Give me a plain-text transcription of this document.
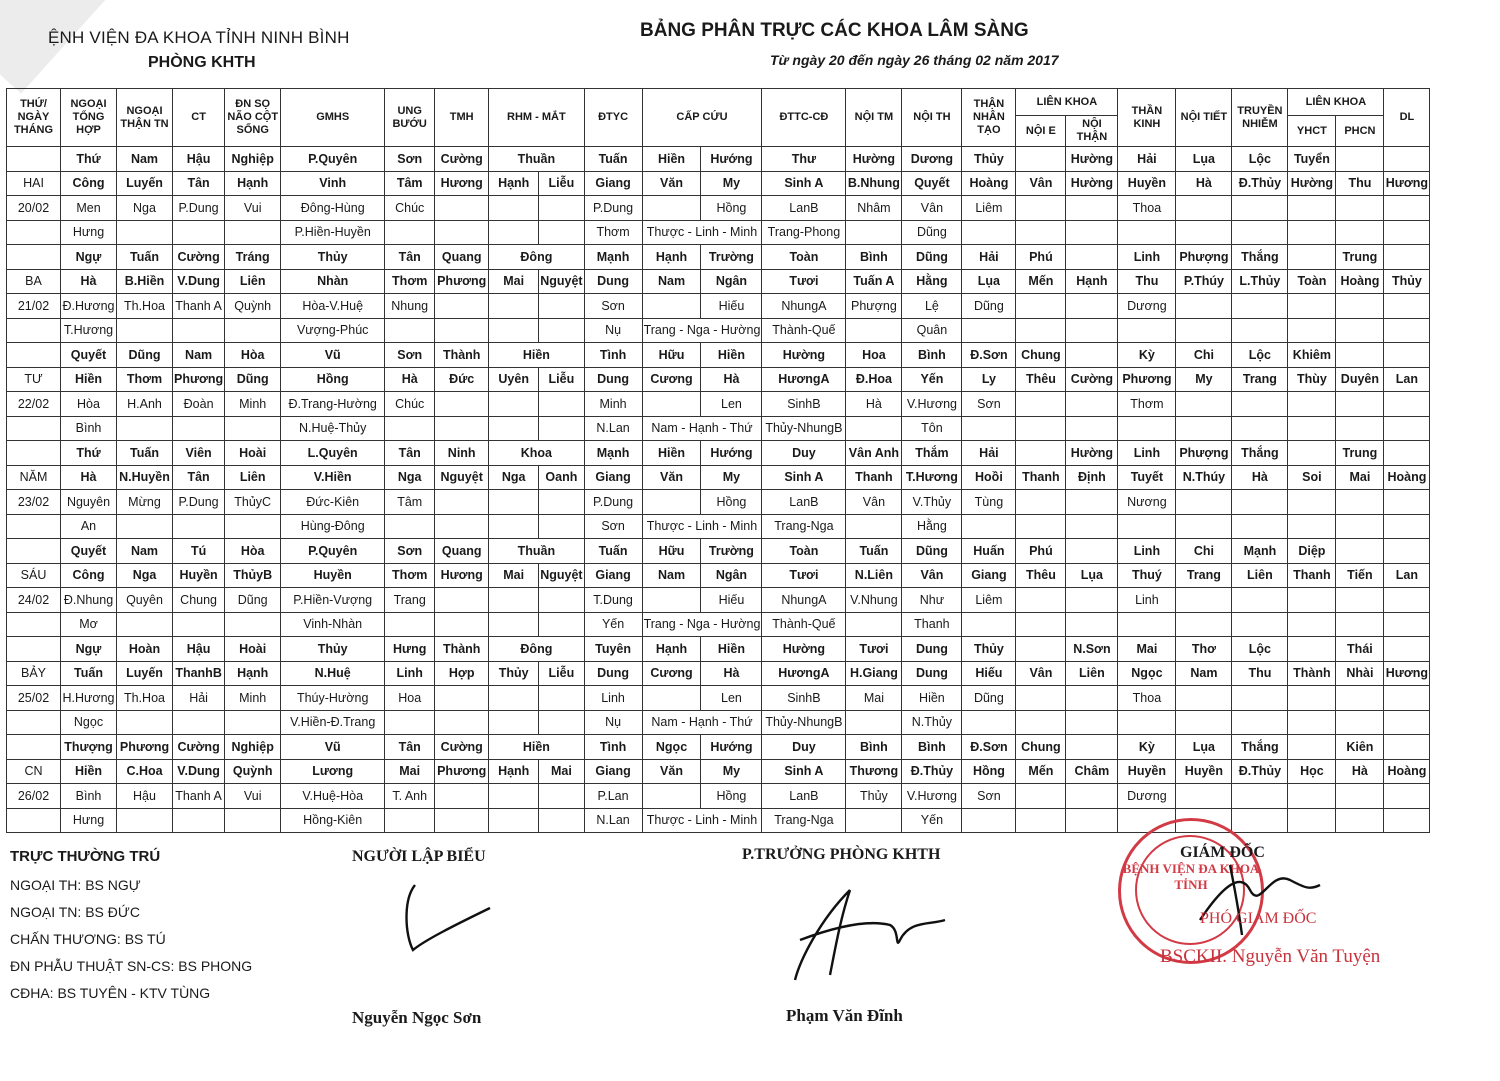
ỆNH VIỆN ĐA KHOA TỈNH NINH BÌNH
PHÒNG KHTH
BẢNG PHÂN TRỰC CÁC KHOA LÂM SÀNG
Từ ngày 20 đến ngày 26 tháng 02 năm 2017
THỨ/ NGÀY THÁNG	NGOẠI TỔNG HỢP	NGOẠI THẬN TN	CT	ĐN SỌ NÃO CỘT SỐNG	GMHS	UNG BƯỚU	TMH	RHM - MẮT		ĐTYC	CẤP CỨU		ĐTTC-CĐ	NỘI TM	NỘI TH	THẬN NHÂN TẠO	LIÊN KHOA		THẦN KINH	NỘI TIẾT	TRUYỀN NHIỄM	LIÊN KHOA		DL
																	NỘI E	NỘI THẬN				YHCT	PHCN	
	Thứ	Nam	Hậu	Nghiệp	P.Quyên	Sơn	Cường	Thuần		Tuấn	Hiền	Hướng	Thư	Hường	Dương	Thủy		Hường	Hải	Lụa	Lộc	Tuyển		
HAI	Công	Luyến	Tân	Hạnh	Vinh	Tâm	Hương	Hạnh	Liễu	Giang	Văn	My	Sinh A	B.Nhung	Quyết	Hoàng	Vân	Hường	Huyền	Hà	Đ.Thủy	Hường	Thu	Hương
20/02	Men	Nga	P.Dung	Vui	Đông-Hùng	Chúc				P.Dung		Hồng	LanB	Nhâm	Vân	Liêm			Thoa					
	Hưng				P.Hiền-Huyền					Thơm	Thược - Linh - Minh		Trang-Phong		Dũng									
	Ngự	Tuấn	Cường	Tráng	Thủy	Tân	Quang	Đông		Mạnh	Hạnh	Trường	Toàn	Bình	Dũng	Hải	Phú		Linh	Phượng	Thắng		Trung	
BA	Hà	B.Hiền	V.Dung	Liên	Nhàn	Thơm	Phương	Mai	Nguyệt	Dung	Nam	Ngân	Tươi	Tuấn A	Hằng	Lụa	Mến	Hạnh	Thu	P.Thúy	L.Thủy	Toàn	Hoàng	Thủy
21/02	Đ.Hương	Th.Hoa	Thanh A	Quỳnh	Hòa-V.Huệ	Nhung				Sơn		Hiếu	NhungA	Phượng	Lệ	Dũng			Dương					
	T.Hương				Vượng-Phúc					Nụ	Trang - Nga - Hường		Thành-Quế		Quân									
	Quyết	Dũng	Nam	Hòa	Vũ	Sơn	Thành	Hiền		Tình	Hữu	Hiền	Hường	Hoa	Bình	Đ.Sơn	Chung		Kỳ	Chi	Lộc	Khiêm		
TƯ	Hiền	Thơm	Phương	Dũng	Hồng	Hà	Đức	Uyên	Liễu	Dung	Cương	Hà	HươngA	Đ.Hoa	Yến	Ly	Thêu	Cường	Phương	My	Trang	Thùy	Duyên	Lan
22/02	Hòa	H.Anh	Đoàn	Minh	Đ.Trang-Hường	Chúc				Minh		Len	SinhB	Hà	V.Hương	Sơn			Thơm					
	Bình				N.Huệ-Thủy					N.Lan	Nam - Hạnh - Thứ		Thủy-NhungB		Tôn									
	Thứ	Tuấn	Viên	Hoài	L.Quyên	Tân	Ninh	Khoa		Mạnh	Hiền	Hướng	Duy	Vân Anh	Thắm	Hải		Hường	Linh	Phượng	Thắng		Trung	
NĂM	Hà	N.Huyền	Tân	Liên	V.Hiền	Nga	Nguyệt	Nga	Oanh	Giang	Văn	My	Sinh A	Thanh	T.Hương	Hoồi	Thanh	Định	Tuyết	N.Thúy	Hà	Soi	Mai	Hoàng
23/02	Nguyên	Mừng	P.Dung	ThủyC	Đức-Kiên	Tâm				P.Dung		Hồng	LanB	Vân	V.Thủy	Tùng			Nương					
	An				Hùng-Đông					Sơn	Thược - Linh - Minh		Trang-Nga		Hằng									
	Quyết	Nam	Tú	Hòa	P.Quyên	Sơn	Quang	Thuần		Tuấn	Hữu	Trường	Toàn	Tuấn	Dũng	Huấn	Phú		Linh	Chi	Mạnh	Diệp		
SÁU	Công	Nga	Huyền	ThủyB	Huyền	Thơm	Hương	Mai	Nguyệt	Giang	Nam	Ngân	Tươi	N.Liên	Vân	Giang	Thêu	Lụa	Thuý	Trang	Liên	Thanh	Tiến	Lan
24/02	Đ.Nhung	Quyên	Chung	Dũng	P.Hiền-Vượng	Trang				T.Dung		Hiếu	NhungA	V.Nhung	Như	Liêm			Linh					
	Mơ				Vinh-Nhàn					Yến	Trang - Nga - Hường		Thành-Quế		Thanh									
	Ngự	Hoàn	Hậu	Hoài	Thủy	Hưng	Thành	Đông		Tuyên	Hạnh	Hiền	Hường	Tươi	Dung	Thủy		N.Sơn	Mai	Thơ	Lộc		Thái	
BẢY	Tuấn	Luyến	ThanhB	Hạnh	N.Huệ	Linh	Hợp	Thủy	Liễu	Dung	Cương	Hà	HươngA	H.Giang	Dung	Hiếu	Vân	Liên	Ngọc	Nam	Thu	Thành	Nhài	Hương
25/02	H.Hương	Th.Hoa	Hải	Minh	Thúy-Hường	Hoa				Linh		Len	SinhB	Mai	Hiền	Dũng			Thoa					
	Ngọc				V.Hiền-Đ.Trang					Nụ	Nam - Hạnh - Thứ		Thủy-NhungB		N.Thủy									
	Thượng	Phương	Cường	Nghiệp	Vũ	Tân	Cường	Hiền		Tình	Ngọc	Hướng	Duy	Bình	Bình	Đ.Sơn	Chung		Kỳ	Lụa	Thắng		Kiên	
CN	Hiền	C.Hoa	V.Dung	Quỳnh	Lương	Mai	Phương	Hạnh	Mai	Giang	Văn	My	Sinh A	Thương	Đ.Thủy	Hồng	Mến	Châm	Huyền	Huyền	Đ.Thủy	Học	Hà	Hoàng
26/02	Bình	Hậu	Thanh A	Vui	V.Huệ-Hòa	T. Anh				P.Lan		Hồng	LanB	Thủy	V.Hương	Sơn			Dương					
	Hưng				Hồng-Kiên					N.Lan	Thược - Linh - Minh		Trang-Nga		Yến									
TRỰC THƯỜNG TRÚ
NGOẠI TH: BS NGỰ
NGOẠI TN: BS ĐỨC
CHẤN THƯƠNG: BS TÚ
ĐN PHẪU THUẬT SN-CS: BS PHONG
CĐHA: BS TUYÊN - KTV TÙNG
NGƯỜI LẬP BIỂU
Nguyễn Ngọc Sơn
P.TRƯỞNG PHÒNG KHTH
Phạm Văn Đĩnh
BỆNH VIỆN ĐA KHOA TỈNH
GIÁM ĐỐC
PHÓ GIÁM ĐỐC
BSCKII. Nguyễn Văn Tuyện
